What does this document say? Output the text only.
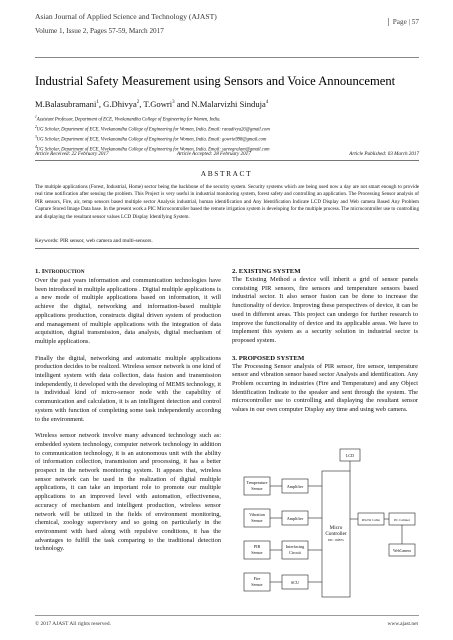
Asian Journal of Applied Science and Technology (AJAST)
Volume 1, Issue 2, Pages 57-59, March 2017
Page | 57
Industrial Safety Measurement using Sensors and Voice Announcement
M.Balasubramani$^1$, G.Dhivya$^2$, T.Gowri$^3$ and N.Malarvizhi Sinduja$^4$
$^1$Assistant Professor, Department of ECE, Vivekanandha College of Engineering for Women, India.
$^2$UG Scholar, Department of ECE, Vivekanandha College of Engineering for Women, India. Email: ranudivya26@gmail.com
$^3$UG Scholar, Department of ECE, Vivekanandha College of Engineering for Women, India. Email: gowrio998@gmail.com
$^4$UG Scholar, Department of ECE, Vivekanandha College of Engineering for Women, India. Email: sureegralam@gmail.com
Article Received: 22 February 2017	Article Accepted: 28 February 2017	Article Published: 03 March 2017
ABSTRACT
The multiple applications (Forest, Industrial, Home) sector being the backbone of the security system. Security systems which are being used now a day are not smart enough to provide real time notification after sensing the problem. This Project is very useful in industrial monitoring system, forest safety and controlling an application. The Processing Sensor analysis of PIR sensors, Fire, air, temp sensors based multiple sector Analysis industrial, human identification and Any Identification Indicate LCD Display and Web camera Based Any Problem Capture Stored Image Data base. In the present work a PIC Microcontroller based the remote irrigation system is developing for the multiple process. The microcontroller use to controlling and displaying the resultant sensor values LCD Display Identifying System.
Keywords: PIR sensor, web camera and multi-sensors.
1. INTRODUCTION

Over the past years information and communication technologies have been introduced in multiple applications . Digital multiple applications is a new mode of multiple applications based on information, it will achieve the digital, networking and information-based multiple applications production, constructs digital driven system of production and management of multiple applications with the integration of data acquisition, digital transmission, data analysis, digital mechanism of multiple applications.

Finally the digital, networking and automatic multiple applications production decides to be realized. Wireless sensor network is one kind of intelligent system with data collection, data fusion and transmission independently, it developed with the developing of MEMS technology, it is individual kind of micro-sensor node with the capability of communication and calculation, it is an intelligent detection and control system with function of completing some task independently according to the environment.

Wireless sensor network involve many advanced technology such as: embedded system technology, computer network technology in addition to communication technology, it is an autonomous unit with the ability of information collection, transmission and processing, it has a better prospect in the network monitoring system. It appears that, wireless sensor network can be used in the realization of digital multiple applications, it can take an important role to promote our multiple applications to an improved level with automation, effectiveness, accuracy of mechanism and intelligent production, wireless sensor network will be utilized in the fields of environment monitoring, chemical, zoology supervisory and so going on particularly in the environment with hard along with repulsive conditions, it has the advantages to fulfill the task comparing to the traditional detection technology.

2. EXISTING SYSTEM

The Existing Method a device will inherit a grid of sensor panels consisting PIR sensors, fire sensors and temperature sensors based industrial sector. It also sensor fusion can be done to increase the functionality of device. Improving these perspectives of device, it can be used in different areas. This project can undergo for further research to improve the functionality of device and its applicable areas. We have to implement this system as a security solution in industrial sector is proposed system.

3. PROPOSED SYSTEM

The Processing Sensor analysis of PIR sensor, fire sensor, temperature sensor and vibration sensor based sector Analysis and identification. Any Problem occurring in industries (Fire and Temperature) and any Object Identification Indicate to the speaker and sent through the system. The microcontroller use to controlling and displaying the resultant sensor values in our own computer Display any time and using web camera.

LCD
Temperature
Sensor
Vibration
Sensor
PIR
Sensor
Fire
Sensor
Amplifier
Amplifier
Interfacing
Circuit
SCU
Micro
Controller
PIC 16f87x
RS232 Cable	PC Cabinet
WebCamera
© 2017 AJAST All rights reserved.	www.ajast.net
